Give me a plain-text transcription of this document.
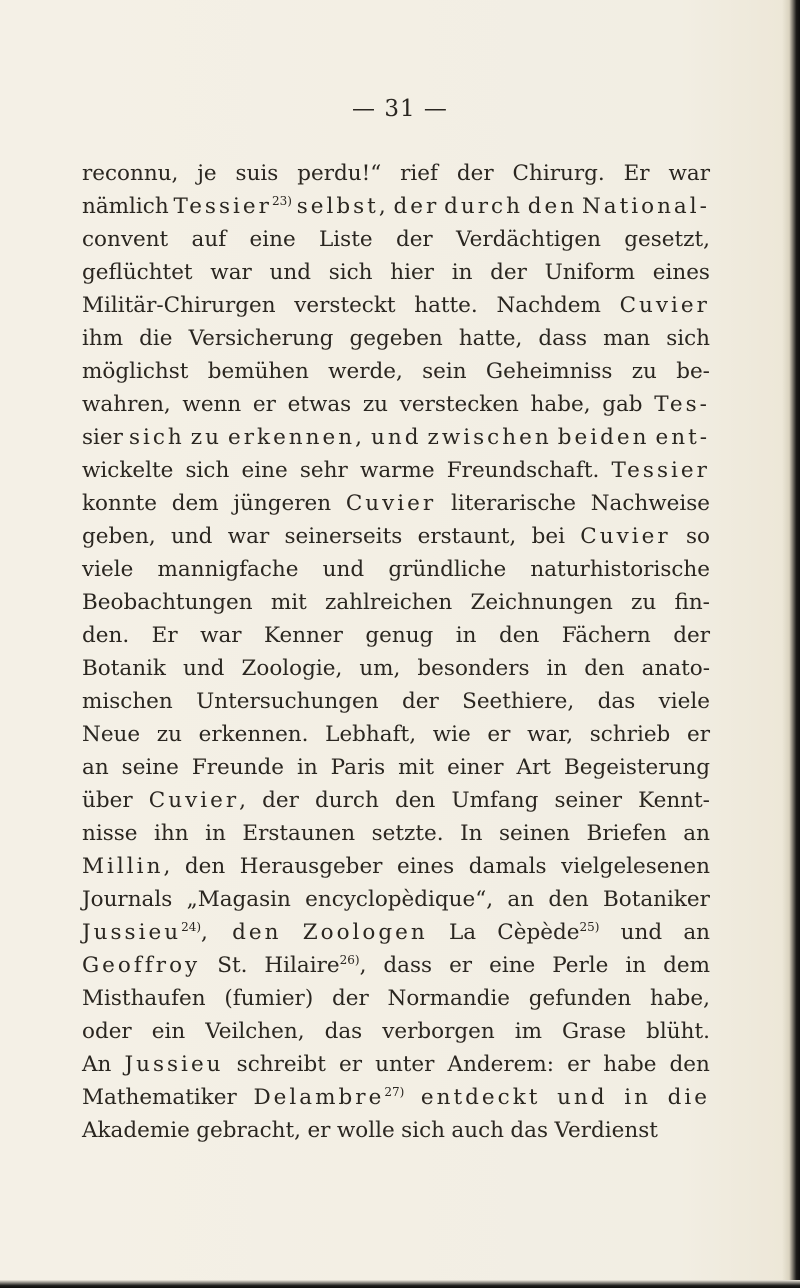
— 31 —
reconnu, je suis perdu!“ rief der Chirurg. Er war
nämlich Tessier$^{23)}$ selbst, der durch den National-
convent auf eine Liste der Verdächtigen gesetzt,
geflüchtet war und sich hier in der Uniform eines
Militär-Chirurgen versteckt hatte. Nachdem Cuvier
ihm die Versicherung gegeben hatte, dass man sich
möglichst bemühen werde, sein Geheimniss zu be-
wahren, wenn er etwas zu verstecken habe, gab Tes-
sier sich zu erkennen, und zwischen beiden ent-
wickelte sich eine sehr warme Freundschaft. Tessier
konnte dem jüngeren Cuvier literarische Nachweise
geben, und war seinerseits erstaunt, bei Cuvier so
viele mannigfache und gründliche naturhistorische
Beobachtungen mit zahlreichen Zeichnungen zu fin-
den. Er war Kenner genug in den Fächern der
Botanik und Zoologie, um, besonders in den anato-
mischen Untersuchungen der Seethiere, das viele
Neue zu erkennen. Lebhaft, wie er war, schrieb er
an seine Freunde in Paris mit einer Art Begeisterung
über Cuvier, der durch den Umfang seiner Kennt-
nisse ihn in Erstaunen setzte. In seinen Briefen an
Millin, den Herausgeber eines damals vielgelesenen
Journals „Magasin encyclopèdique“, an den Botaniker
Jussieu$^{24)}$, den Zoologen La Cèpède$^{25)}$ und an
Geoffroy St. Hilaire$^{26)}$, dass er eine Perle in dem
Misthaufen (fumier) der Normandie gefunden habe,
oder ein Veilchen, das verborgen im Grase blüht.
An Jussieu schreibt er unter Anderem: er habe den
Mathematiker Delambre$^{27)}$ entdeckt und in die
Akademie gebracht, er wolle sich auch das Verdienst
